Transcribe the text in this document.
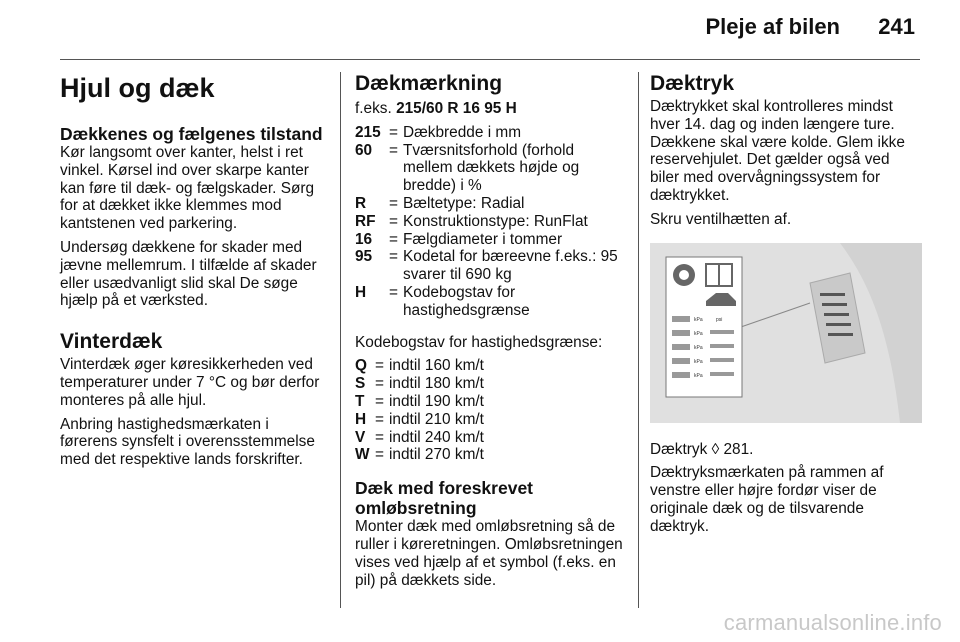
Pleje af bilen 241
Hjul og dæk
Dækkenes og fælgenes tilstand

Kør langsomt over kanter, helst i ret vinkel. Kørsel ind over skarpe kanter kan føre til dæk- og fælgskader. Sørg for at dækket ikke klemmes mod kantstenen ved parkering.

Undersøg dækkene for skader med jævne mellemrum. I tilfælde af skader eller usædvanligt slid skal De søge hjælp på et værksted.

Vinterdæk

Vinterdæk øger køresikkerheden ved temperaturer under 7 °C og bør derfor monteres på alle hjul.

Anbring hastighedsmærkaten i førerens synsfelt i overensstemmelse med det respektive lands forskrifter.

Dækmærkning

f.eks. 215/60 R 16 95 H

215 = Dækbredde i mm
60	= Tværsnitsforhold (forhold mellem dækkets højde og bredde) i %
R	= Bæltetype: Radial
RF = Konstruktionstype: RunFlat
16	= Fælgdiameter i tommer
95	= Kodetal for bæreevne f.eks.: 95 svarer til 690 kg
H	= Kodebogstav for hastighedsgrænse

Kodebogstav for hastighedsgrænse:

Q = indtil 160 km/t
S = indtil 180 km/t
T = indtil 190 km/t
H = indtil 210 km/t
V = indtil 240 km/t
W = indtil 270 km/t
Dæk med foreskrevet omløbsretning

Monter dæk med omløbsretning så de ruller i køreretningen. Omløbsretningen vises ved hjælp af et symbol (f.eks. en pil) på dækkets side.

Dæktryk

Dæktrykket skal kontrolleres mindst hver 14. dag og inden længere ture. Dækkene skal være kolde. Glem ikke reservehjulet. Det gælder også ved biler med overvågningssystem for dæktrykket.

Skru ventilhætten af.

kPa
kPa
kPa
kPa
kPa
psi

Dæktryk ◊ 281.

Dæktryksmærkaten på rammen af venstre eller højre fordør viser de originale dæk og de tilsvarende dæktryk.

carmanualsonline.info
